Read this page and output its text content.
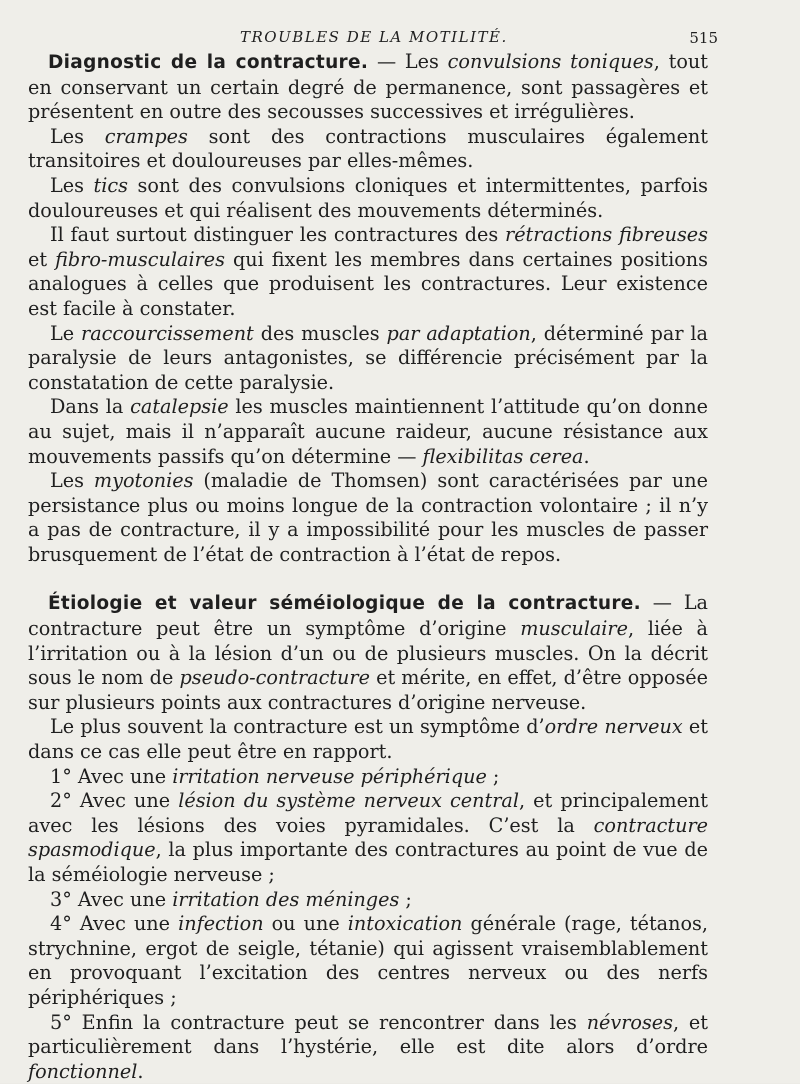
TROUBLES DE LA MOTILITÉ.	515

Diagnostic de la contracture. — Les convulsions toniques, tout en conservant un certain degré de permanence, sont passagères et présentent en outre des secousses successives et irrégulières.

Les crampes sont des contractions musculaires également transitoires et douloureuses par elles-mêmes.

Les tics sont des convulsions cloniques et intermittentes, parfois douloureuses et qui réalisent des mouvements déterminés.

Il faut surtout distinguer les contractures des rétractions fibreuses et fibro-musculaires qui fixent les membres dans certaines positions analogues à celles que produisent les contractures. Leur existence est facile à constater.

Le raccourcissement des muscles par adaptation, déterminé par la paralysie de leurs antagonistes, se différencie précisément par la constatation de cette paralysie.

Dans la catalepsie les muscles maintiennent l’attitude qu’on donne au sujet, mais il n’apparaît aucune raideur, aucune résistance aux mouvements passifs qu’on détermine — flexibilitas cerea.

Les myotonies (maladie de Thomsen) sont caractérisées par une persistance plus ou moins longue de la contraction volontaire ; il n’y a pas de contracture, il y a impossibilité pour les muscles de passer brusquement de l’état de contraction à l’état de repos.

Étiologie et valeur séméiologique de la contracture. — La contracture peut être un symptôme d’origine musculaire, liée à l’irritation ou à la lésion d’un ou de plusieurs muscles. On la décrit sous le nom de pseudo-contracture et mérite, en effet, d’être opposée sur plusieurs points aux contractures d’origine nerveuse.

Le plus souvent la contracture est un symptôme d’ordre nerveux et dans ce cas elle peut être en rapport.

1° Avec une irritation nerveuse périphérique ;

2° Avec une lésion du système nerveux central, et principalement avec les lésions des voies pyramidales. C’est la contracture spasmodique, la plus importante des contractures au point de vue de la séméiologie nerveuse ;

3° Avec une irritation des méninges ;

4° Avec une infection ou une intoxication générale (rage, tétanos, strychnine, ergot de seigle, tétanie) qui agissent vraisemblablement en provoquant l’excitation des centres nerveux ou des nerfs périphériques ;

5° Enfin la contracture peut se rencontrer dans les névroses, et particulièrement dans l’hystérie, elle est dite alors d’ordre fonctionnel.
